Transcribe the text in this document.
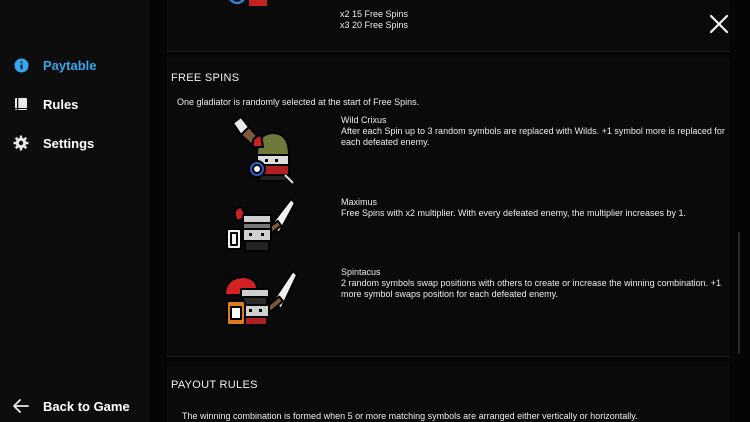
Paytable
Rules
Settings
Back to Game
x2 15 Free Spins
x3 20 Free Spins
FREE SPINS
One gladiator is randomly selected at the start of Free Spins.
Wild Crixus
After each Spin up to 3 random symbols are replaced with Wilds. +1 symbol more is replaced for each defeated enemy.
Maximus
Free Spins with x2 multiplier. With every defeated enemy, the multiplier increases by 1.
Spintacus
2 random symbols swap positions with others to create or increase the winning combination. +1 more symbol swaps position for each defeated enemy.
PAYOUT RULES
The winning combination is formed when 5 or more matching symbols are arranged either vertically or horizontally.
